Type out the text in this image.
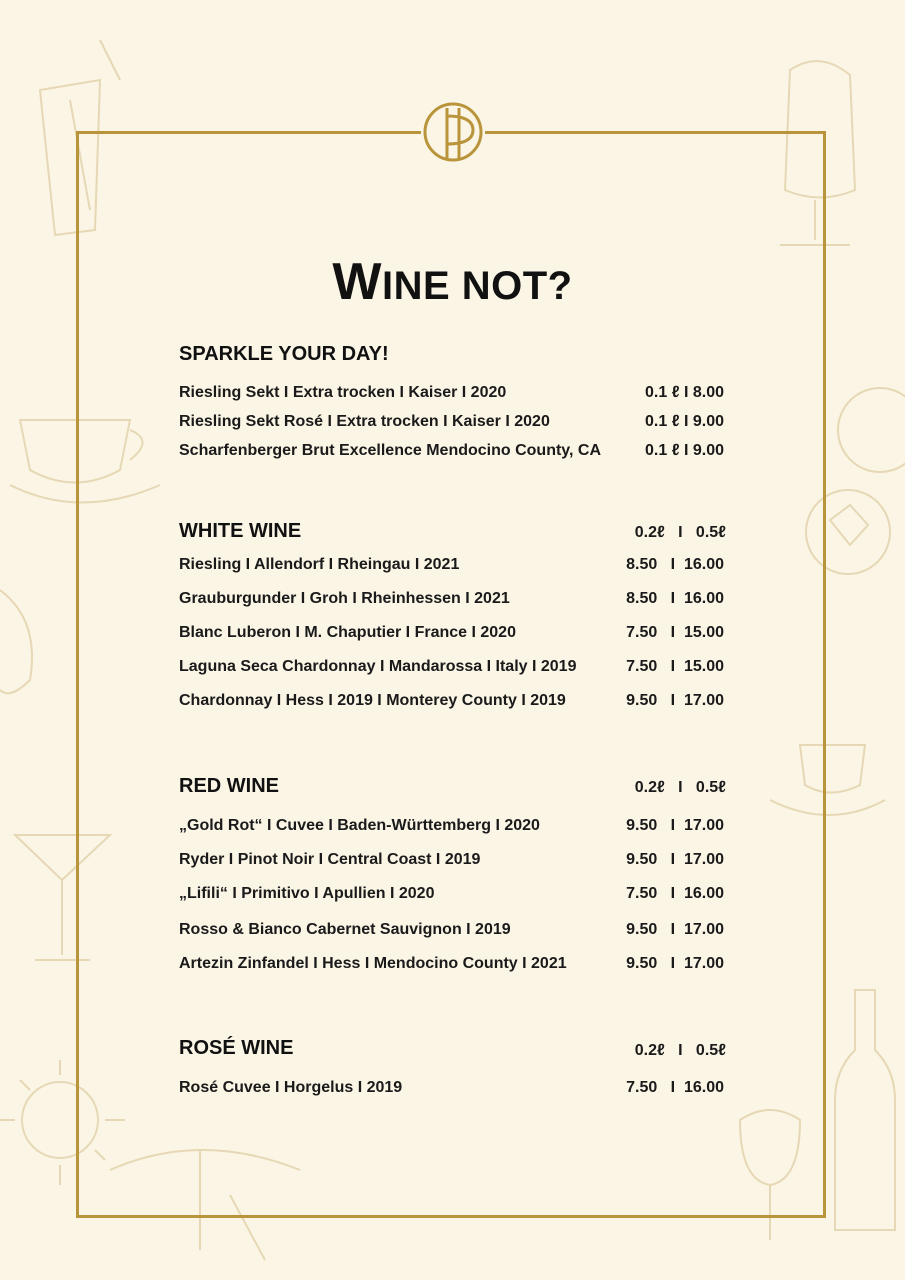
WINE NOT?
SPARKLE YOUR DAY!
Riesling Sekt I Extra trocken I Kaiser I 2020	0.1 ℓ I 8.00
Riesling Sekt Rosé I Extra trocken I Kaiser I 2020	0.1 ℓ I 9.00
Scharfenberger Brut Excellence Mendocino County, CA	0.1 ℓ I 9.00
WHITE WINE	0.2ℓ   I   0.5ℓ
Riesling I Allendorf I Rheingau I 2021	8.50   I  16.00
Grauburgunder I Groh I Rheinhessen I 2021	8.50   I  16.00
Blanc Luberon I M. Chaputier I France I 2020	7.50   I  15.00
Laguna Seca Chardonnay I Mandarossa I Italy I 2019	7.50   I  15.00
Chardonnay I Hess I 2019 I Monterey County I 2019	9.50   I  17.00
RED WINE	0.2ℓ   I   0.5ℓ
„Gold Rot“ I Cuvee I Baden-Württemberg I 2020	9.50   I  17.00
Ryder I Pinot Noir I Central Coast I 2019	9.50   I  17.00
„Lifili“ I Primitivo I Apullien I 2020	7.50   I  16.00
Rosso & Bianco Cabernet Sauvignon I 2019	9.50   I  17.00
Artezin Zinfandel I Hess I Mendocino County I 2021	9.50   I  17.00
ROSÉ WINE	0.2ℓ   I   0.5ℓ
Rosé Cuvee I Horgelus I 2019	7.50   I  16.00
